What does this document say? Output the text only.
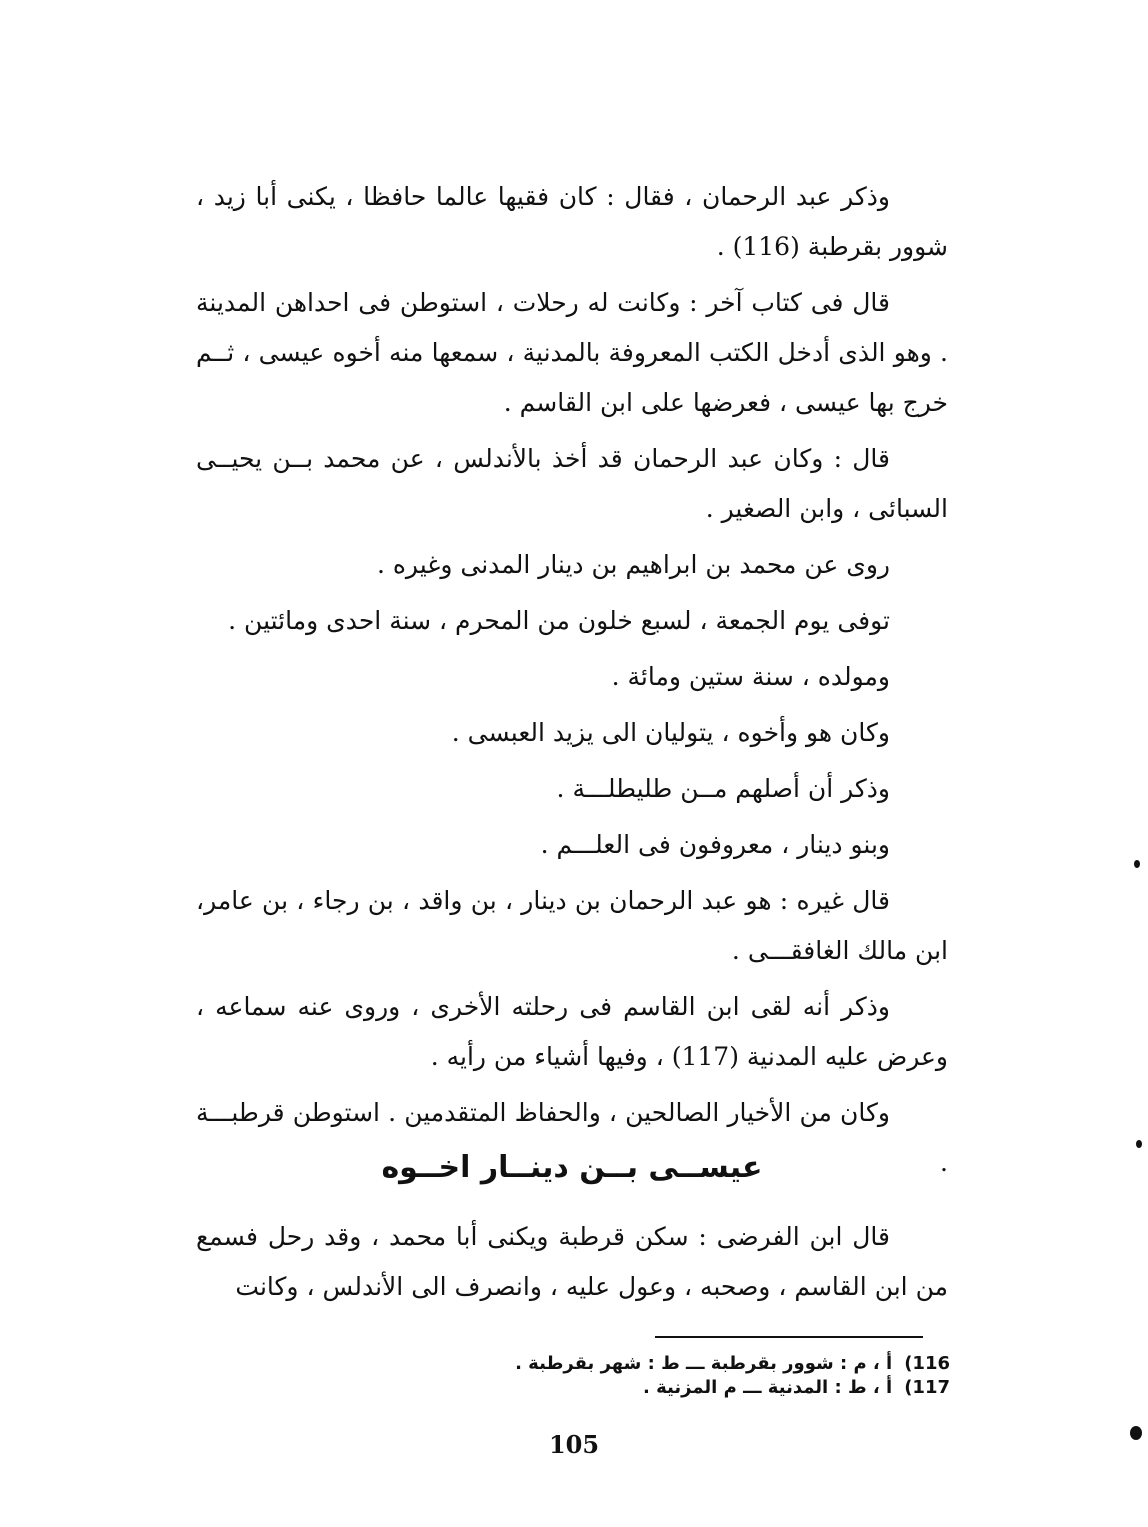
وذكر عبد الرحمان ، فقال : كان فقيها عالما حافظا ، يكنى أبا زيد ، شوور بقرطبة (116) .

قال فى كتاب آخر : وكانت له رحلات ، استوطن فى احداهن المدينة . وهو الذى أدخل الكتب المعروفة بالمدنية ، سمعها منه أخوه عيسى ، ثــم خرج بها عيسى ، فعرضها على ابن القاسم .

قال : وكان عبد الرحمان قد أخذ بالأندلس ، عن محمد بــن يحيــى السبائى ، وابن الصغير .

روى عن محمد بن ابراهيم بن دينار المدنى وغيره .

توفى يوم الجمعة ، لسبع خلون من المحرم ، سنة احدى ومائتين .

ومولده ، سنة ستين ومائة .

وكان هو وأخوه ، يتوليان الى يزيد العبسى .

وذكر أن أصلهم مــن طليطلـــة .

وبنو دينار ، معروفون فى العلـــم .

قال غيره : هو عبد الرحمان بن دينار ، بن واقد ، بن رجاء ، بن عامر، ابن مالك الغافقـــى .

وذكر أنه لقى ابن القاسم فى رحلته الأخرى ، وروى عنه سماعه ، وعرض عليه المدنية (117) ، وفيها أشياء من رأيه .

وكان من الأخيار الصالحين ، والحفاظ المتقدمين . استوطن قرطبـــة .

عيســى بــن دينــار اخــوه

قال ابن الفرضى : سكن قرطبة ويكنى أبا محمد ، وقد رحل فسمع من ابن القاسم ، وصحبه ، وعول عليه ، وانصرف الى الأندلس ، وكانت

(116
أ ، م : شوور بقرطبة ـــ ط : شهر بقرطبة .
(117
أ ، ط : المدنية ـــ م المزنية .
105
